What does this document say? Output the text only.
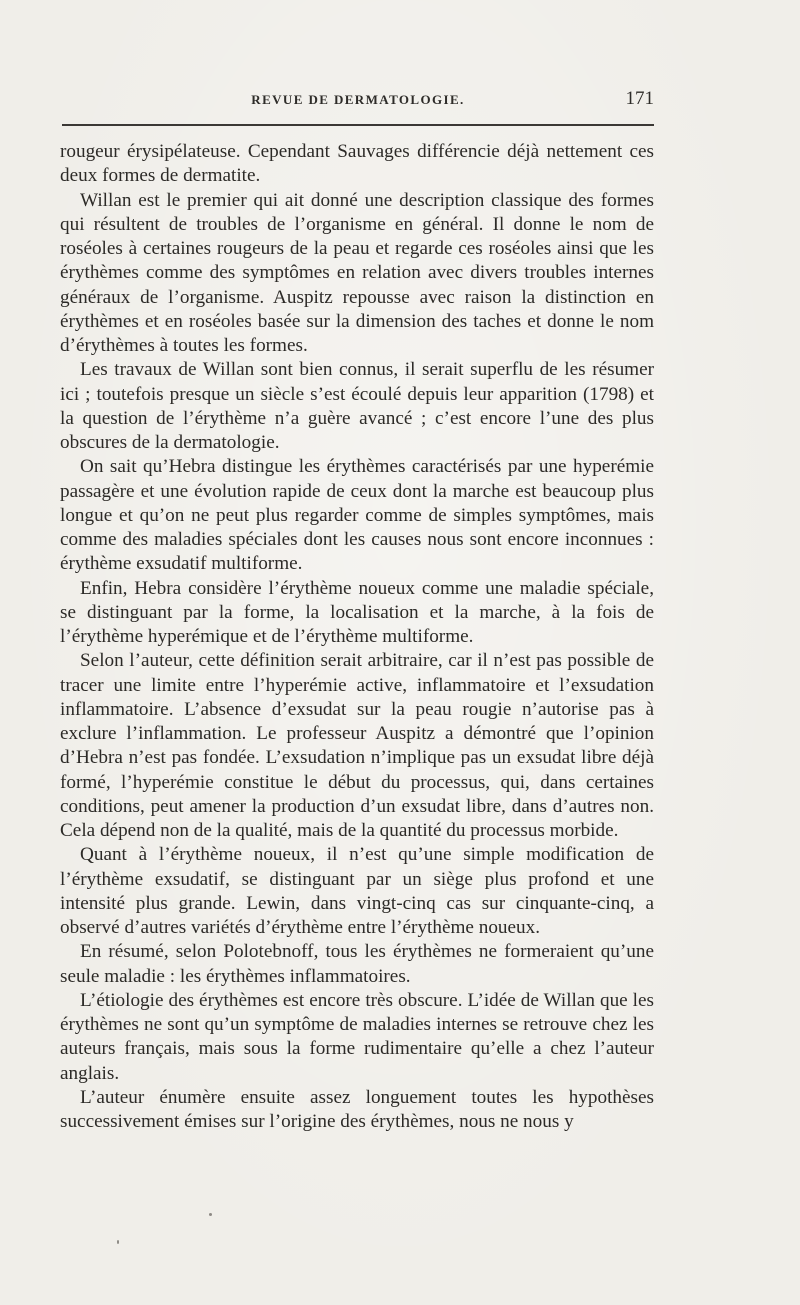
REVUE DE DERMATOLOGIE.	171

rougeur érysipélateuse. Cependant Sauvages différencie déjà nettement ces deux formes de dermatite.

Willan est le premier qui ait donné une description classique des formes qui résultent de troubles de l’organisme en général. Il donne le nom de roséoles à certaines rougeurs de la peau et regarde ces roséoles ainsi que les érythèmes comme des symptômes en relation avec divers troubles internes généraux de l’organisme. Auspitz repousse avec raison la distinction en érythèmes et en roséoles basée sur la dimension des taches et donne le nom d’érythèmes à toutes les formes.

Les travaux de Willan sont bien connus, il serait superflu de les résumer ici ; toutefois presque un siècle s’est écoulé depuis leur apparition (1798) et la question de l’érythème n’a guère avancé ; c’est encore l’une des plus obscures de la dermatologie.

On sait qu’Hebra distingue les érythèmes caractérisés par une hyperémie passagère et une évolution rapide de ceux dont la marche est beaucoup plus longue et qu’on ne peut plus regarder comme de simples symptômes, mais comme des maladies spéciales dont les causes nous sont encore inconnues : érythème exsudatif multiforme.

Enfin, Hebra considère l’érythème noueux comme une maladie spéciale, se distinguant par la forme, la localisation et la marche, à la fois de l’érythème hyperémique et de l’érythème multiforme.

Selon l’auteur, cette définition serait arbitraire, car il n’est pas possible de tracer une limite entre l’hyperémie active, inflammatoire et l’exsudation inflammatoire. L’absence d’exsudat sur la peau rougie n’autorise pas à exclure l’inflammation. Le professeur Auspitz a démontré que l’opinion d’Hebra n’est pas fondée. L’exsudation n’implique pas un exsudat libre déjà formé, l’hyperémie constitue le début du processus, qui, dans certaines conditions, peut amener la production d’un exsudat libre, dans d’autres non. Cela dépend non de la qualité, mais de la quantité du processus morbide.

Quant à l’érythème noueux, il n’est qu’une simple modification de l’érythème exsudatif, se distinguant par un siège plus profond et une intensité plus grande. Lewin, dans vingt-cinq cas sur cinquante-cinq, a observé d’autres variétés d’érythème entre l’érythème noueux.

En résumé, selon Polotebnoff, tous les érythèmes ne formeraient qu’une seule maladie : les érythèmes inflammatoires.

L’étiologie des érythèmes est encore très obscure. L’idée de Willan que les érythèmes ne sont qu’un symptôme de maladies internes se retrouve chez les auteurs français, mais sous la forme rudimentaire qu’elle a chez l’auteur anglais.

L’auteur énumère ensuite assez longuement toutes les hypothèses successivement émises sur l’origine des érythèmes, nous ne nous y
